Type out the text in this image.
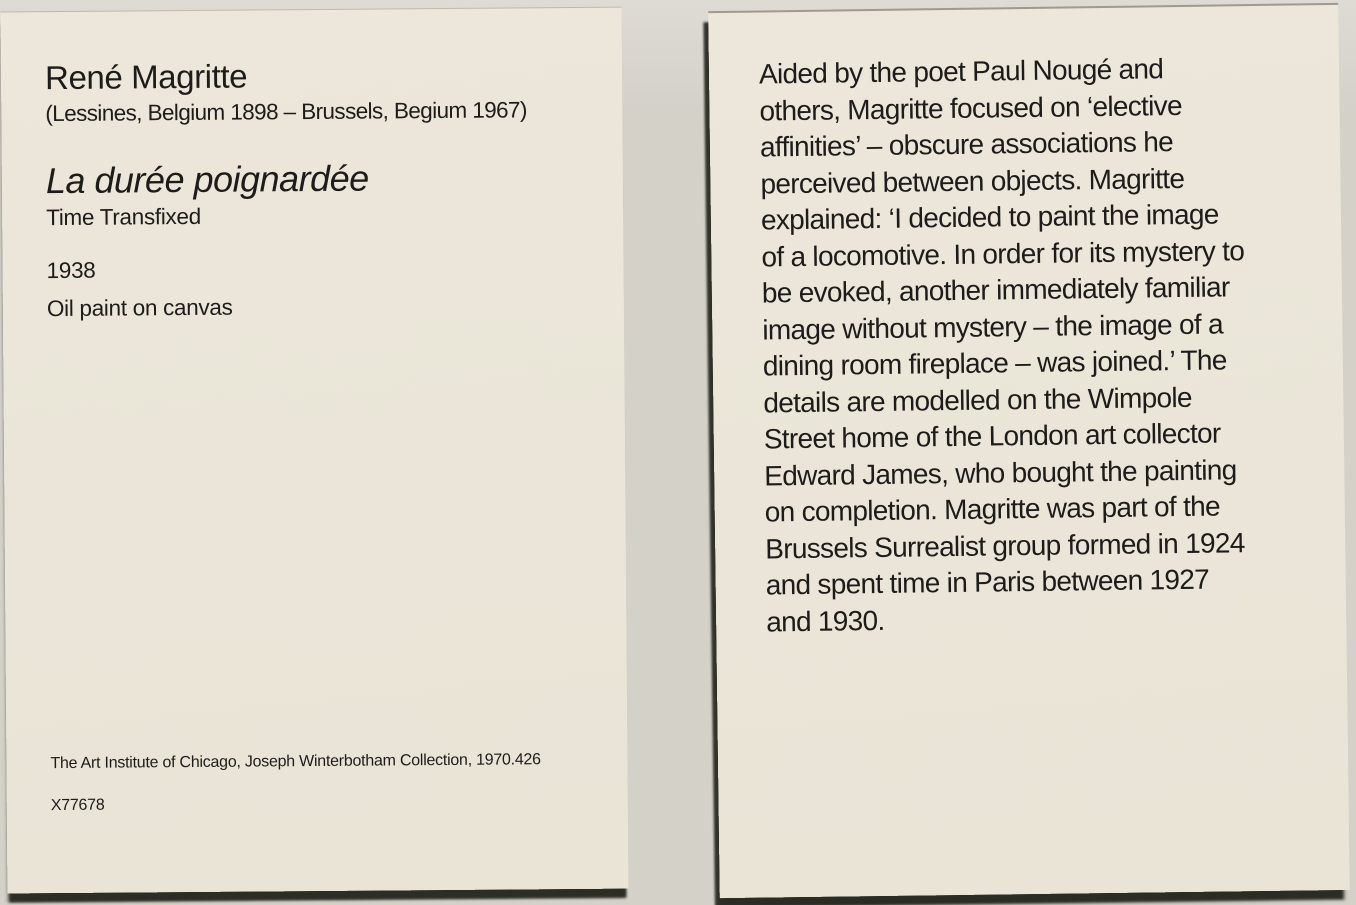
René Magritte
(Lessines, Belgium 1898 – Brussels, Begium 1967)
La durée poignardée
Time Transfixed
1938
Oil paint on canvas

The Art Institute of Chicago, Joseph Winterbotham Collection, 1970.426

X77678

Aided by the poet Paul Nougé and
others, Magritte focused on ‘elective
affinities’ – obscure associations he
perceived between objects. Magritte
explained: ‘I decided to paint the image
of a locomotive. In order for its mystery to
be evoked, another immediately familiar
image without mystery – the image of a
dining room fireplace – was joined.’ The
details are modelled on the Wimpole
Street home of the London art collector
Edward James, who bought the painting
on completion. Magritte was part of the
Brussels Surrealist group formed in 1924
and spent time in Paris between 1927
and 1930.
